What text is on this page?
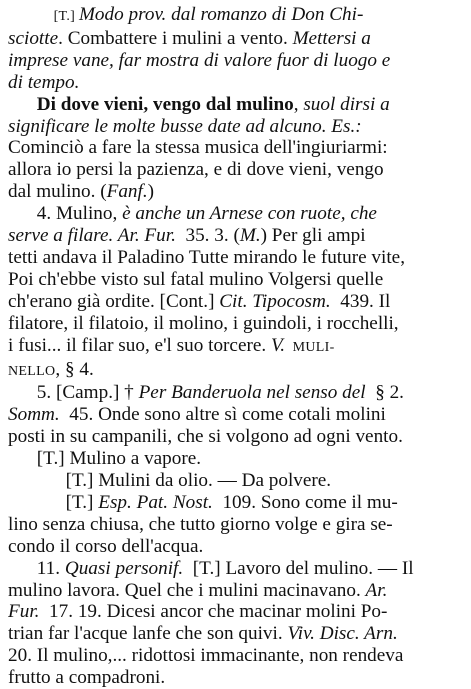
[T.] Modo prov. dal romanzo di Don Chi-
sciotte. Combattere i mulini a vento. Mettersi a
imprese vane, far mostra di valore fuor di luogo e
di tempo.
Di dove vieni, vengo dal mulino, suol dirsi a
significare le molte busse date ad alcuno. Es.:
Cominciò a fare la stessa musica dell'ingiuriarmi:
allora io persi la pazienza, e di dove vieni, vengo
dal mulino. (Fanf.)
4. Mulino, è anche un Arnese con ruote, che
serve a filare. Ar. Fur.  35. 3. (M.) Per gli ampi
tetti andava il Paladino Tutte mirando le future vite,
Poi ch'ebbe visto sul fatal mulino Volgersi quelle
ch'erano già ordite. [Cont.] Cit. Tipocosm.  439. Il
filatore, il filatoio, il molino, i guindoli, i rocchelli,
i fusi... il filar suo, e'l suo torcere. V.  MULI-
NELLO, § 4.
5. [Camp.] † Per Banderuola nel senso del  § 2.
Somm.  45. Onde sono altre sì come cotali molini
posti in su campanili, che si volgono ad ogni vento.
[T.] Mulino a vapore.
[T.] Mulini da olio. — Da polvere.
[T.] Esp. Pat. Nost.  109. Sono come il mu-
lino senza chiusa, che tutto giorno volge e gira se-
condo il corso dell'acqua.
11. Quasi personif.  [T.] Lavoro del mulino. — Il
mulino lavora. Quel che i mulini macinavano. Ar.
Fur.  17. 19. Dicesi ancor che macinar molini Po-
trian far l'acque lanfe che son quivi. Viv. Disc. Arn.
20. Il mulino,... ridottosi immacinante, non rendeva
frutto a compadroni.
